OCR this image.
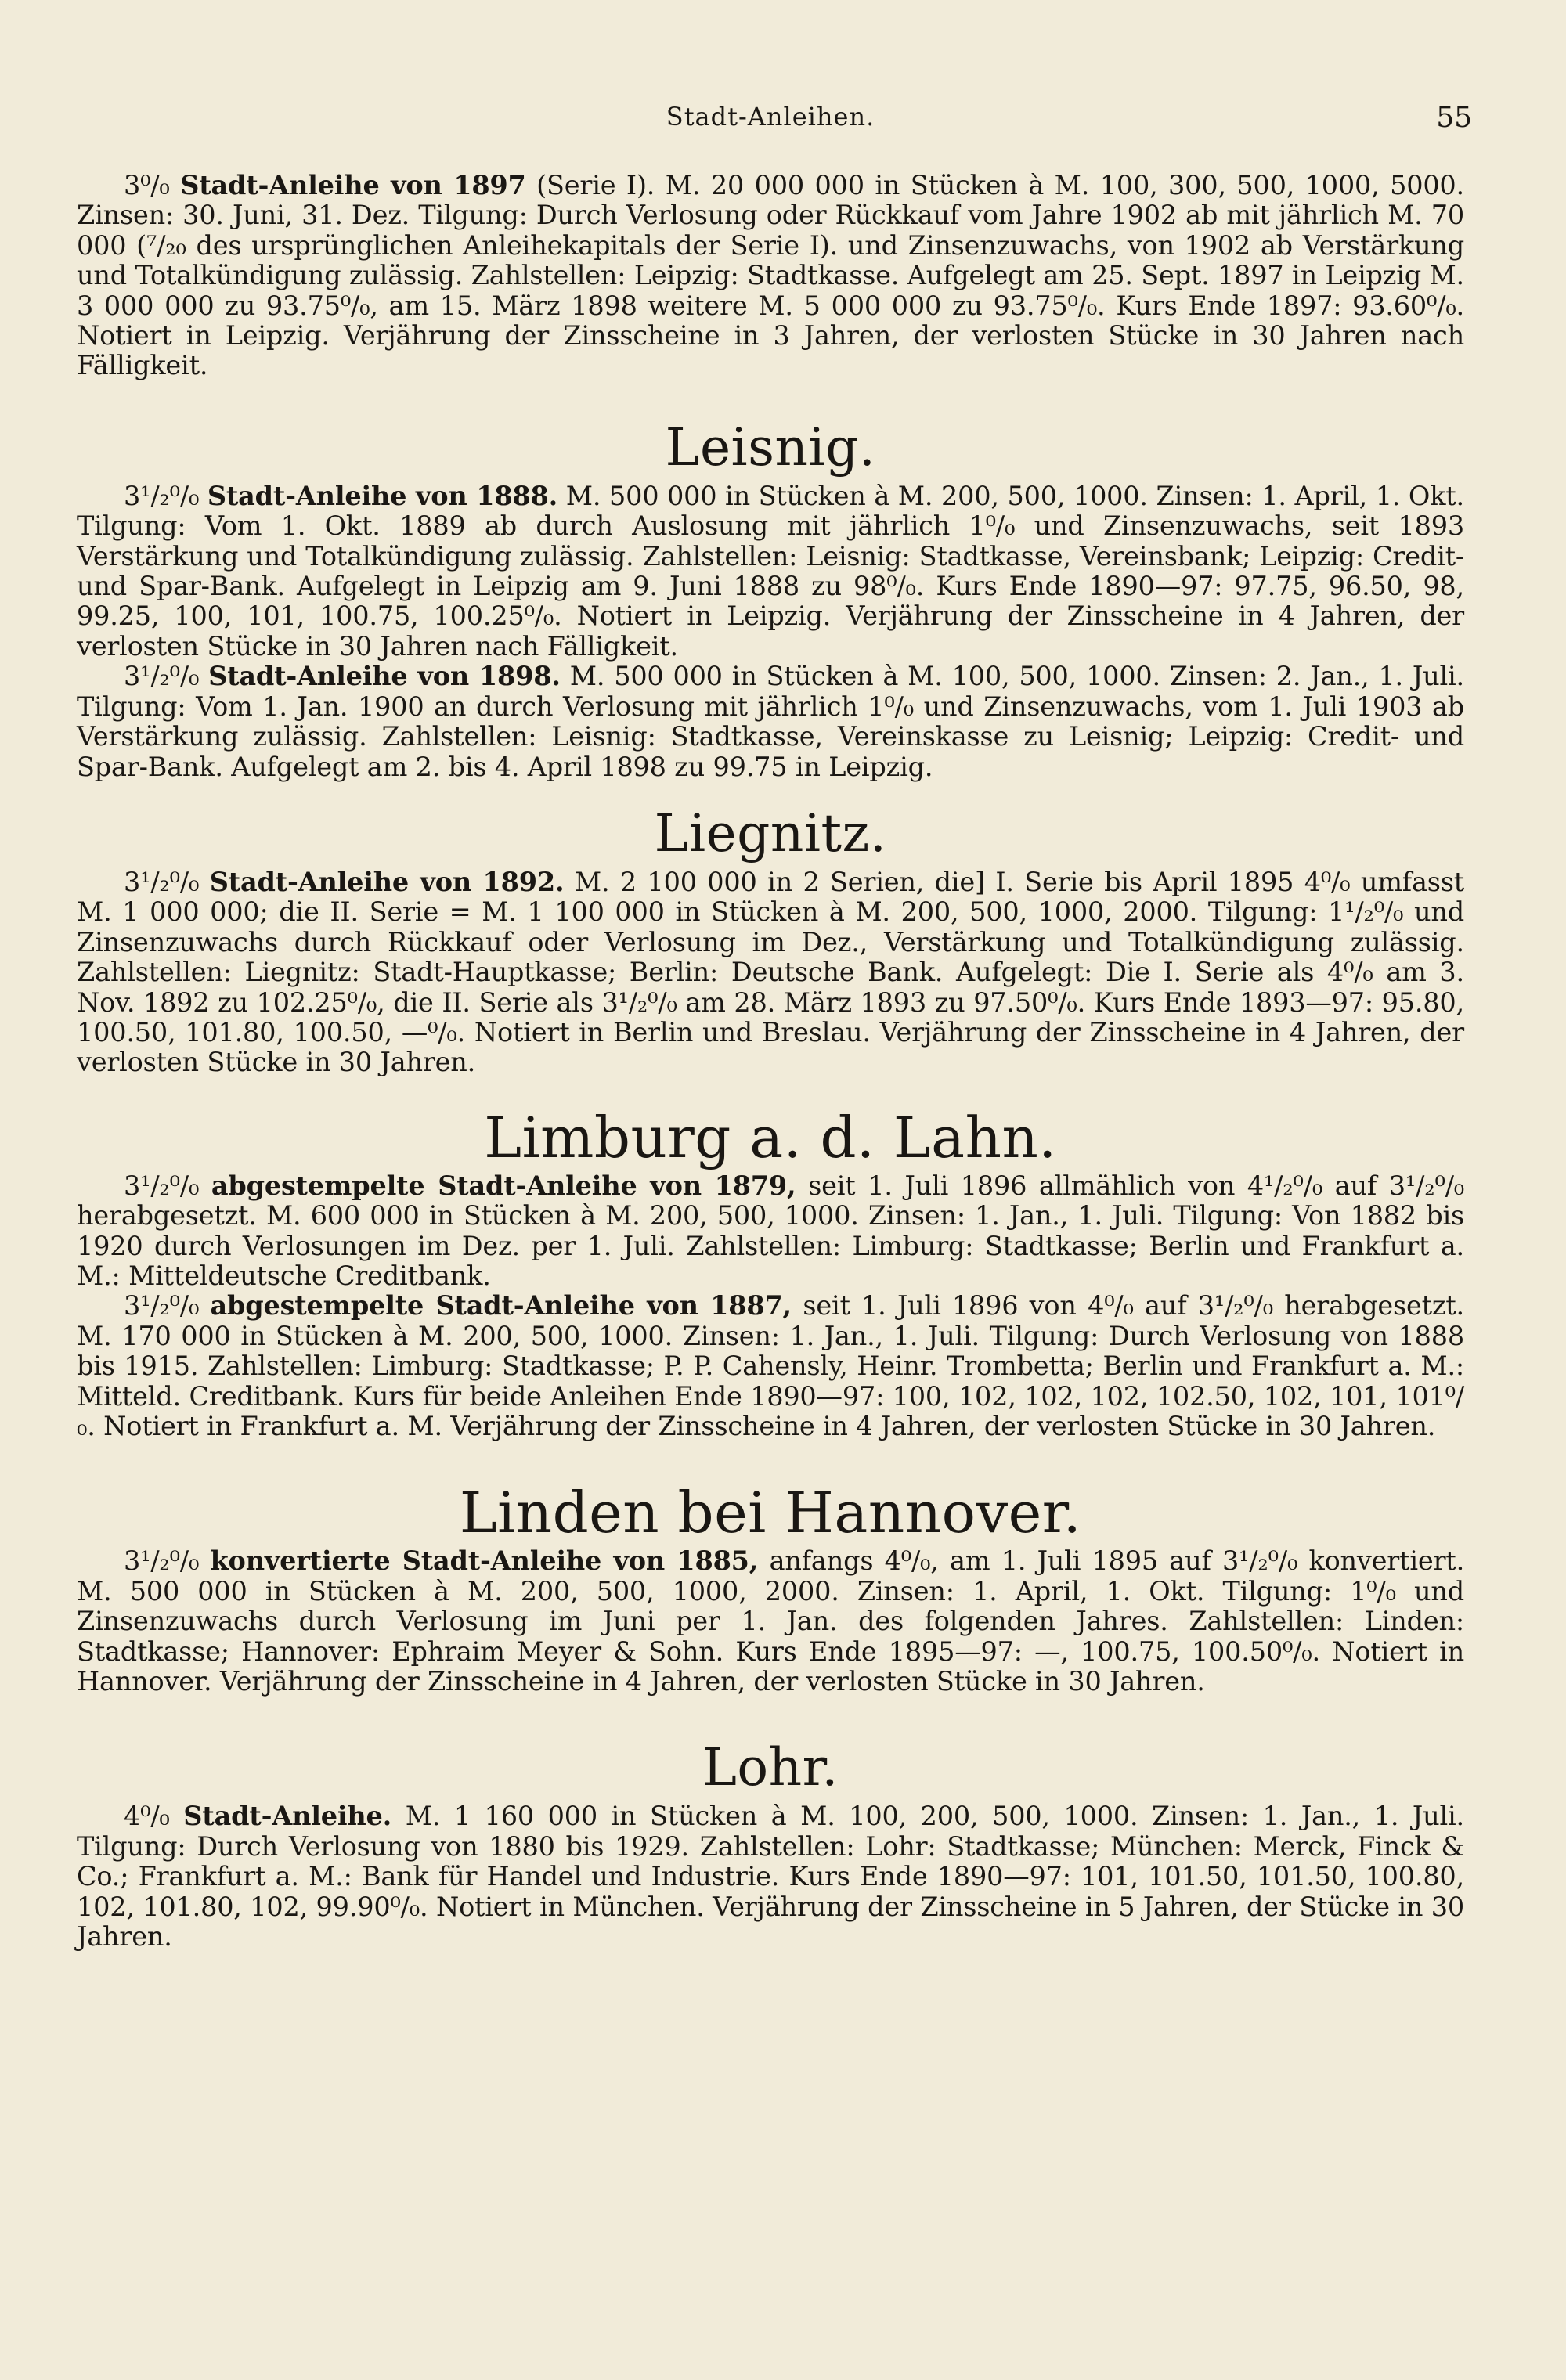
Stadt-Anleihen.	55

3⁰/₀ Stadt-Anleihe von 1897 (Serie I). M. 20 000 000 in Stücken à M. 100, 300, 500, 1000, 5000. Zinsen: 30. Juni, 31. Dez. Tilgung: Durch Verlosung oder Rückkauf vom Jahre 1902 ab mit jährlich M. 70 000 (⁷/₂₀ des ursprünglichen Anleihekapitals der Serie I). und Zinsenzuwachs, von 1902 ab Verstärkung und Totalkündigung zulässig. Zahlstellen: Leipzig: Stadtkasse. Aufgelegt am 25. Sept. 1897 in Leipzig M. 3 000 000 zu 93.75⁰/₀, am 15. März 1898 weitere M. 5 000 000 zu 93.75⁰/₀. Kurs Ende 1897: 93.60⁰/₀. Notiert in Leipzig. Verjährung der Zinsscheine in 3 Jahren, der verlosten Stücke in 30 Jahren nach Fälligkeit.

Leisnig.

3¹/₂⁰/₀ Stadt-Anleihe von 1888. M. 500 000 in Stücken à M. 200, 500, 1000. Zinsen: 1. April, 1. Okt. Tilgung: Vom 1. Okt. 1889 ab durch Auslosung mit jährlich 1⁰/₀ und Zinsenzuwachs, seit 1893 Verstärkung und Totalkündigung zulässig. Zahlstellen: Leisnig: Stadtkasse, Vereinsbank; Leipzig: Credit- und Spar-Bank. Aufgelegt in Leipzig am 9. Juni 1888 zu 98⁰/₀. Kurs Ende 1890—97: 97.75, 96.50, 98, 99.25, 100, 101, 100.75, 100.25⁰/₀. Notiert in Leipzig. Verjährung der Zinsscheine in 4 Jahren, der verlosten Stücke in 30 Jahren nach Fälligkeit.

3¹/₂⁰/₀ Stadt-Anleihe von 1898. M. 500 000 in Stücken à M. 100, 500, 1000. Zinsen: 2. Jan., 1. Juli. Tilgung: Vom 1. Jan. 1900 an durch Verlosung mit jährlich 1⁰/₀ und Zinsenzuwachs, vom 1. Juli 1903 ab Verstärkung zulässig. Zahlstellen: Leisnig: Stadtkasse, Vereinskasse zu Leisnig; Leipzig: Credit- und Spar-Bank. Aufgelegt am 2. bis 4. April 1898 zu 99.75 in Leipzig.

Liegnitz.

3¹/₂⁰/₀ Stadt-Anleihe von 1892. M. 2 100 000 in 2 Serien, die] I. Serie bis April 1895 4⁰/₀ umfasst M. 1 000 000; die II. Serie = M. 1 100 000 in Stücken à M. 200, 500, 1000, 2000. Tilgung: 1¹/₂⁰/₀ und Zinsenzuwachs durch Rückkauf oder Verlosung im Dez., Verstärkung und Totalkündigung zulässig. Zahlstellen: Liegnitz: Stadt-Hauptkasse; Berlin: Deutsche Bank. Aufgelegt: Die I. Serie als 4⁰/₀ am 3. Nov. 1892 zu 102.25⁰/₀, die II. Serie als 3¹/₂⁰/₀ am 28. März 1893 zu 97.50⁰/₀. Kurs Ende 1893—97: 95.80, 100.50, 101.80, 100.50, —⁰/₀. Notiert in Berlin und Breslau. Verjährung der Zinsscheine in 4 Jahren, der verlosten Stücke in 30 Jahren.

Limburg a. d. Lahn.

3¹/₂⁰/₀ abgestempelte Stadt-Anleihe von 1879, seit 1. Juli 1896 allmählich von 4¹/₂⁰/₀ auf 3¹/₂⁰/₀ herabgesetzt. M. 600 000 in Stücken à M. 200, 500, 1000. Zinsen: 1. Jan., 1. Juli. Tilgung: Von 1882 bis 1920 durch Verlosungen im Dez. per 1. Juli. Zahlstellen: Limburg: Stadtkasse; Berlin und Frankfurt a. M.: Mitteldeutsche Creditbank.

3¹/₂⁰/₀ abgestempelte Stadt-Anleihe von 1887, seit 1. Juli 1896 von 4⁰/₀ auf 3¹/₂⁰/₀ herabgesetzt. M. 170 000 in Stücken à M. 200, 500, 1000. Zinsen: 1. Jan., 1. Juli. Tilgung: Durch Verlosung von 1888 bis 1915. Zahlstellen: Limburg: Stadtkasse; P. P. Cahensly, Heinr. Trombetta; Berlin und Frankfurt a. M.: Mitteld. Creditbank. Kurs für beide Anleihen Ende 1890—97: 100, 102, 102, 102, 102.50, 102, 101, 101⁰/₀. Notiert in Frankfurt a. M. Verjährung der Zinsscheine in 4 Jahren, der verlosten Stücke in 30 Jahren.

Linden bei Hannover.

3¹/₂⁰/₀ konvertierte Stadt-Anleihe von 1885, anfangs 4⁰/₀, am 1. Juli 1895 auf 3¹/₂⁰/₀ konvertiert. M. 500 000 in Stücken à M. 200, 500, 1000, 2000. Zinsen: 1. April, 1. Okt. Tilgung: 1⁰/₀ und Zinsenzuwachs durch Verlosung im Juni per 1. Jan. des folgenden Jahres. Zahlstellen: Linden: Stadtkasse; Hannover: Ephraim Meyer & Sohn. Kurs Ende 1895—97: —, 100.75, 100.50⁰/₀. Notiert in Hannover. Verjährung der Zinsscheine in 4 Jahren, der verlosten Stücke in 30 Jahren.

Lohr.

4⁰/₀ Stadt-Anleihe. M. 1 160 000 in Stücken à M. 100, 200, 500, 1000. Zinsen: 1. Jan., 1. Juli. Tilgung: Durch Verlosung von 1880 bis 1929. Zahlstellen: Lohr: Stadtkasse; München: Merck, Finck & Co.; Frankfurt a. M.: Bank für Handel und Industrie. Kurs Ende 1890—97: 101, 101.50, 101.50, 100.80, 102, 101.80, 102, 99.90⁰/₀. Notiert in München. Verjährung der Zinsscheine in 5 Jahren, der Stücke in 30 Jahren.
